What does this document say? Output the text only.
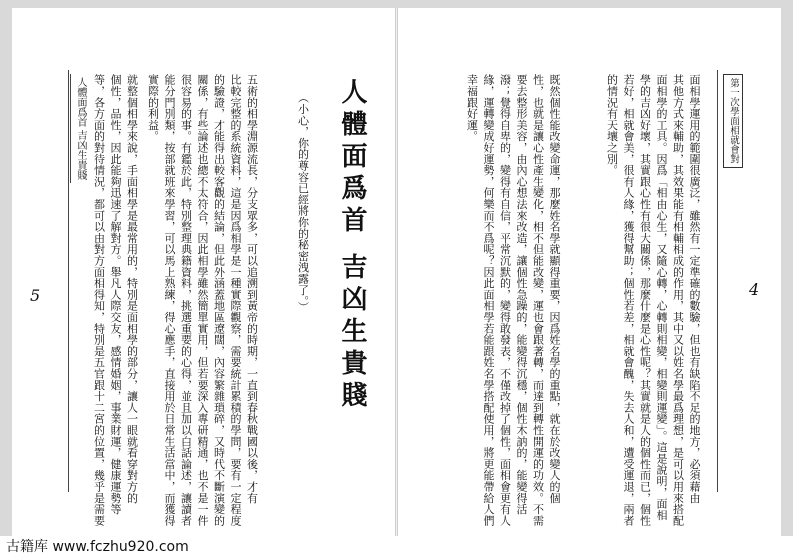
人體面爲首 吉凶生貴賤	就整個相學來說，手面相學是最常用的，特別是面相學的部分，讓人一眼就看穿對方的
個性，品性，因此能夠迅速了解對方。舉凡人際交友，感情婚姻，事業財運，健康運勢等
等，各方面的對待情況，都可以由對方面相得知，特別是五官跟十二宮的位置，幾乎是需要	五術的相學淵源流長，分支眾多，可以追溯到黃帝的時期，一直到春秋戰國以後，才有
比較完整的系統資料，這是因爲相學是一種實際觀察，需要統計累積的學問，要有一定程度
的驗證，才能得出較客觀的結論，但此外涵蓋地區遼闊，內容繁雜瑣碎，又時代不斷演變的
關係，有些論述也總不太符合，因此相學雖然簡單實用，但若要深入專研精通，也不是一件
很容易的事。有鑑於此，特別整理典籍資料，挑選重要的心得，並且加以白話論述，讓讀者
能分門別類，按部就班來學習，可以馬上熟練，得心應手，直接用於日常生活當中，而獲得
實際的利益。	（小心，你的尊容已經將你的秘密洩露了。） 人體面爲首 吉凶生貴賤
5
第一次學面相就會對
既然個性能改變命運，那麼姓名學就顯得重要，因爲姓名學的重點，就在於改變人的個
性，也就是讓心性產生變化，相不但能改變，運也會跟著轉，而達到轉性開運的功效。不需
要去整形美容，由內心想法來改造，讓個性急躁的，能變得沉穩，個性木訥的，能變得活
潑；覺得自卑的，變得有自信，平常沉默的，變得敢發表，不僅改掉了個性，面相會更有人
緣，運轉變成好運勢，何樂而不爲呢？因此面相學若能跟姓名學搭配使用，將更能帶給人們
幸福跟好運。	面相學運用的範圍很廣泛，雖然有一定準確的數驗，但也有缺陷不足的地方，必須藉由
其他方式來輔助，其效果能有相輔相成的作用，其中又以姓名學最爲理想，是可以用來搭配
面相學的工具。因爲「相由心生，又隨心轉，心轉則相變，相變則運變」。這是說明，面相
學的吉凶好壞，其實跟心性有很大關係，那麼什麼是心性呢？其實就是人的個性而已，個性
若好，相就會美，很有人緣，獲得幫助；個性若差，相就會醜，失去人和，遭受運退，兩者
的情況有天壤之別。
4
古籍库 www.fczhu920.com
